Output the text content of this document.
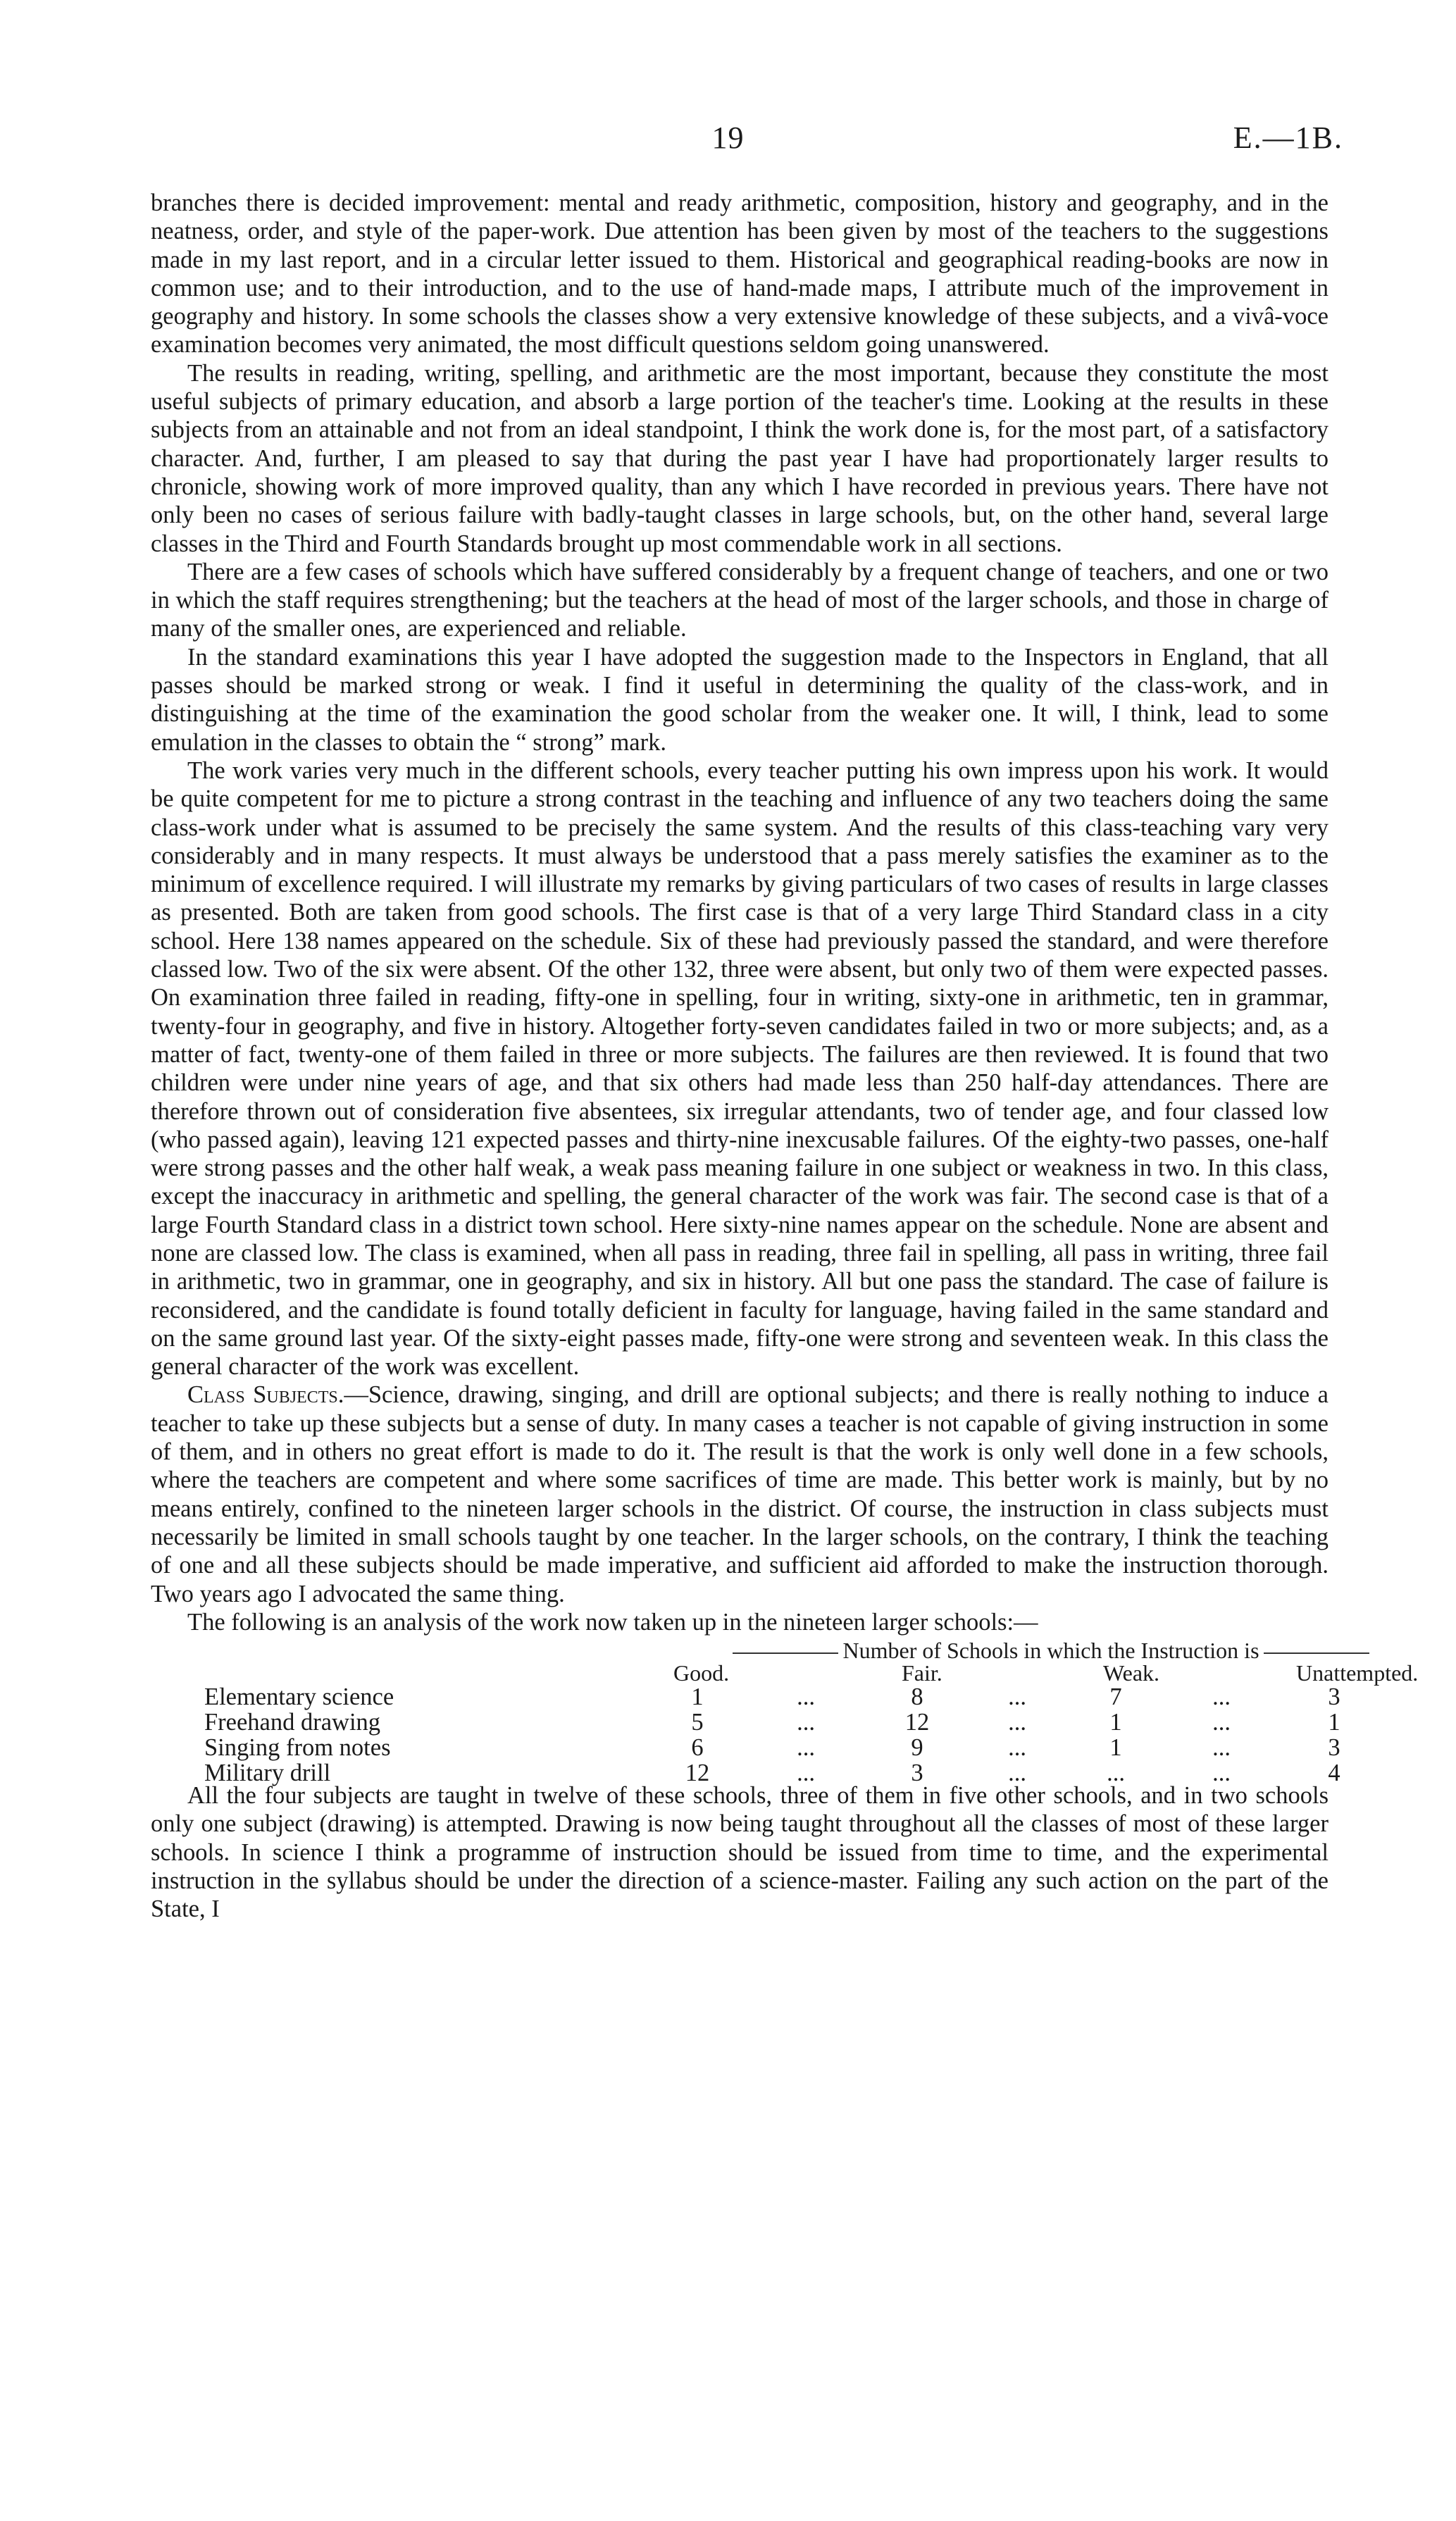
19	E.—1B.

branches there is decided improvement: mental and ready arithmetic, composition, history and geography, and in the neatness, order, and style of the paper-work. Due attention has been given by most of the teachers to the suggestions made in my last report, and in a circular letter issued to them. Historical and geographical reading-books are now in common use; and to their introduction, and to the use of hand-made maps, I attribute much of the improvement in geography and history. In some schools the classes show a very extensive knowledge of these subjects, and a vivâ-voce examination becomes very animated, the most difficult questions seldom going unanswered.

The results in reading, writing, spelling, and arithmetic are the most important, because they constitute the most useful subjects of primary education, and absorb a large portion of the teacher's time. Looking at the results in these subjects from an attainable and not from an ideal standpoint, I think the work done is, for the most part, of a satisfactory character. And, further, I am pleased to say that during the past year I have had proportionately larger results to chronicle, showing work of more improved quality, than any which I have recorded in previous years. There have not only been no cases of serious failure with badly-taught classes in large schools, but, on the other hand, several large classes in the Third and Fourth Standards brought up most commendable work in all sections.

There are a few cases of schools which have suffered considerably by a frequent change of teachers, and one or two in which the staff requires strengthening; but the teachers at the head of most of the larger schools, and those in charge of many of the smaller ones, are experienced and reliable.

In the standard examinations this year I have adopted the suggestion made to the Inspectors in England, that all passes should be marked strong or weak. I find it useful in determining the quality of the class-work, and in distinguishing at the time of the examination the good scholar from the weaker one. It will, I think, lead to some emulation in the classes to obtain the “ strong” mark.

The work varies very much in the different schools, every teacher putting his own impress upon his work. It would be quite competent for me to picture a strong contrast in the teaching and influence of any two teachers doing the same class-work under what is assumed to be precisely the same system. And the results of this class-teaching vary very considerably and in many respects. It must always be understood that a pass merely satisfies the examiner as to the minimum of excellence required. I will illustrate my remarks by giving particulars of two cases of results in large classes as presented. Both are taken from good schools. The first case is that of a very large Third Standard class in a city school. Here 138 names appeared on the schedule. Six of these had previously passed the standard, and were therefore classed low. Two of the six were absent. Of the other 132, three were absent, but only two of them were expected passes. On examination three failed in reading, fifty-one in spelling, four in writing, sixty-one in arithmetic, ten in grammar, twenty-four in geography, and five in history. Altogether forty-seven candidates failed in two or more subjects; and, as a matter of fact, twenty-one of them failed in three or more subjects. The failures are then reviewed. It is found that two children were under nine years of age, and that six others had made less than 250 half-day attendances. There are therefore thrown out of consideration five absentees, six irregular attendants, two of tender age, and four classed low (who passed again), leaving 121 expected passes and thirty-nine inexcusable failures. Of the eighty-two passes, one-half were strong passes and the other half weak, a weak pass meaning failure in one subject or weakness in two. In this class, except the inaccuracy in arithmetic and spelling, the general character of the work was fair. The second case is that of a large Fourth Standard class in a district town school. Here sixty-nine names appear on the schedule. None are absent and none are classed low. The class is examined, when all pass in reading, three fail in spelling, all pass in writing, three fail in arithmetic, two in grammar, one in geography, and six in history. All but one pass the standard. The case of failure is reconsidered, and the candidate is found totally deficient in faculty for language, having failed in the same standard and on the same ground last year. Of the sixty-eight passes made, fifty-one were strong and seventeen weak. In this class the general character of the work was excellent.

Class Subjects.—Science, drawing, singing, and drill are optional subjects; and there is really nothing to induce a teacher to take up these subjects but a sense of duty. In many cases a teacher is not capable of giving instruction in some of them, and in others no great effort is made to do it. The result is that the work is only well done in a few schools, where the teachers are competent and where some sacrifices of time are made. This better work is mainly, but by no means entirely, confined to the nineteen larger schools in the district. Of course, the instruction in class subjects must necessarily be limited in small schools taught by one teacher. In the larger schools, on the contrary, I think the teaching of one and all these subjects should be made imperative, and sufficient aid afforded to make the instruction thorough. Two years ago I advocated the same thing.

The following is an analysis of the work now taken up in the nineteen larger schools:—

Number of Schools in which the Instruction is
Good.	Fair.	Weak.	Unattempted.
Elementary science	1	...	8	...	7	...	3
Freehand drawing	5	...	12	...	1	...	1
Singing from notes	6	...	9	...	1	...	3
Military drill	12	...	3	...	...	...	4

All the four subjects are taught in twelve of these schools, three of them in five other schools, and in two schools only one subject (drawing) is attempted. Drawing is now being taught throughout all the classes of most of these larger schools. In science I think a programme of instruction should be issued from time to time, and the experimental instruction in the syllabus should be under the direction of a science-master. Failing any such action on the part of the State, I
